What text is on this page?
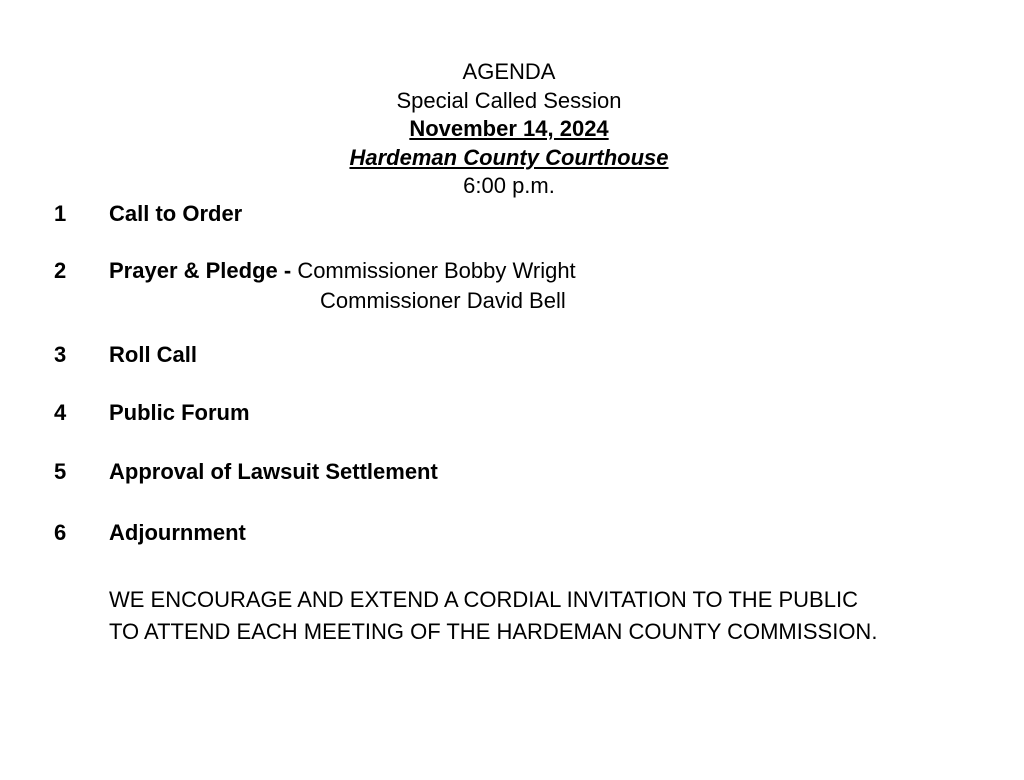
AGENDA
Special Called Session
November 14, 2024
Hardeman County Courthouse
6:00 p.m.
1 Call to Order
2 Prayer & Pledge - Commissioner Bobby Wright
Commissioner David Bell
3 Roll Call
4 Public Forum
5 Approval of Lawsuit Settlement
6 Adjournment
WE ENCOURAGE AND EXTEND A CORDIAL INVITATION TO THE PUBLIC
TO ATTEND EACH MEETING OF THE HARDEMAN COUNTY COMMISSION.
